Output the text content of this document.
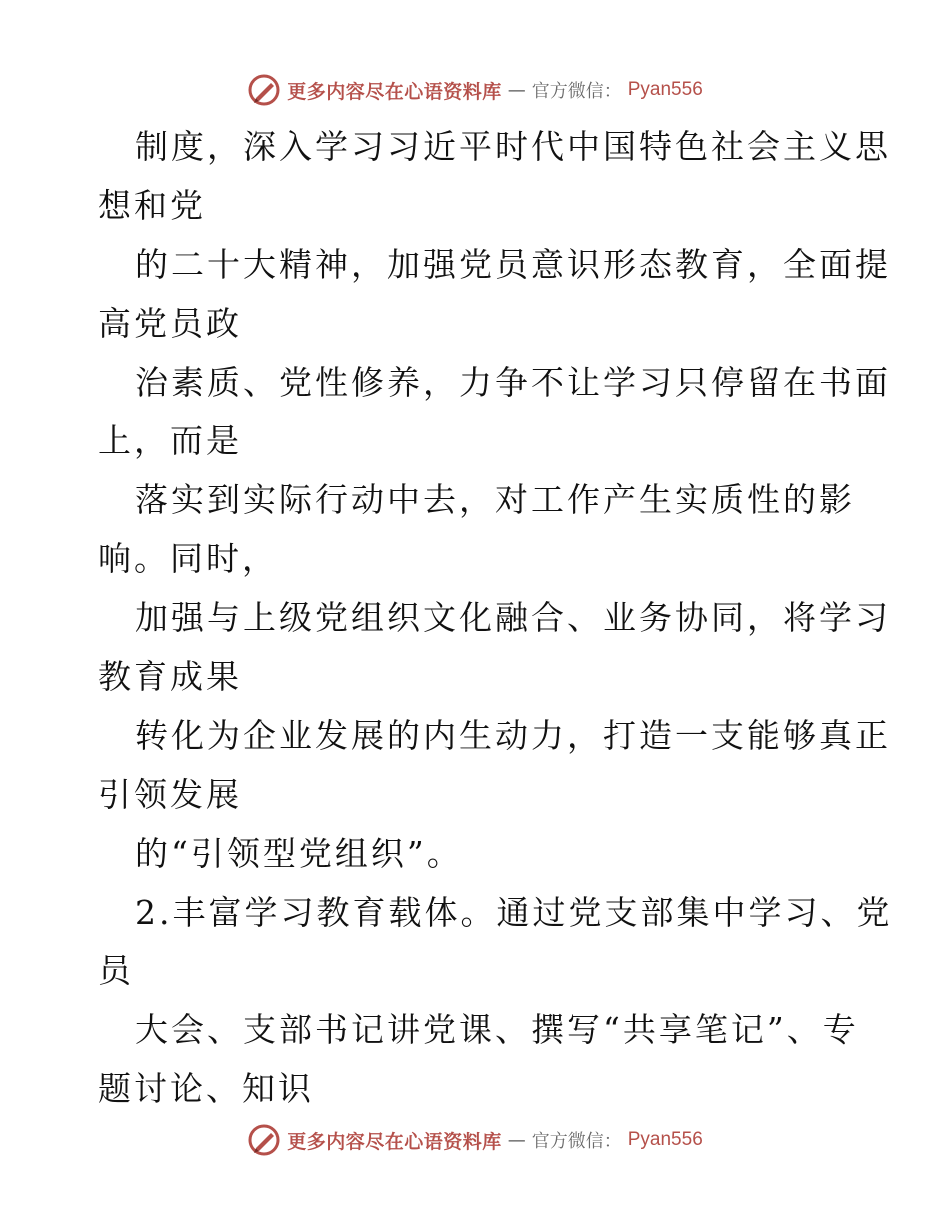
更多内容尽在心语资料库 — 官方微信： Pyan556
制度，深入学习习近平时代中国特色社会主义思
想和党
的二十大精神，加强党员意识形态教育，全面提
高党员政
治素质、党性修养，力争不让学习只停留在书面
上，而是
落实到实际行动中去，对工作产生实质性的影
响。同时，
加强与上级党组织文化融合、业务协同，将学习
教育成果
转化为企业发展的内生动力，打造一支能够真正
引领发展
的“引领型党组织”。
2.丰富学习教育载体。通过党支部集中学习、党
员
大会、支部书记讲党课、撰写“共享笔记”、专
题讨论、知识
更多内容尽在心语资料库 — 官方微信： Pyan556
